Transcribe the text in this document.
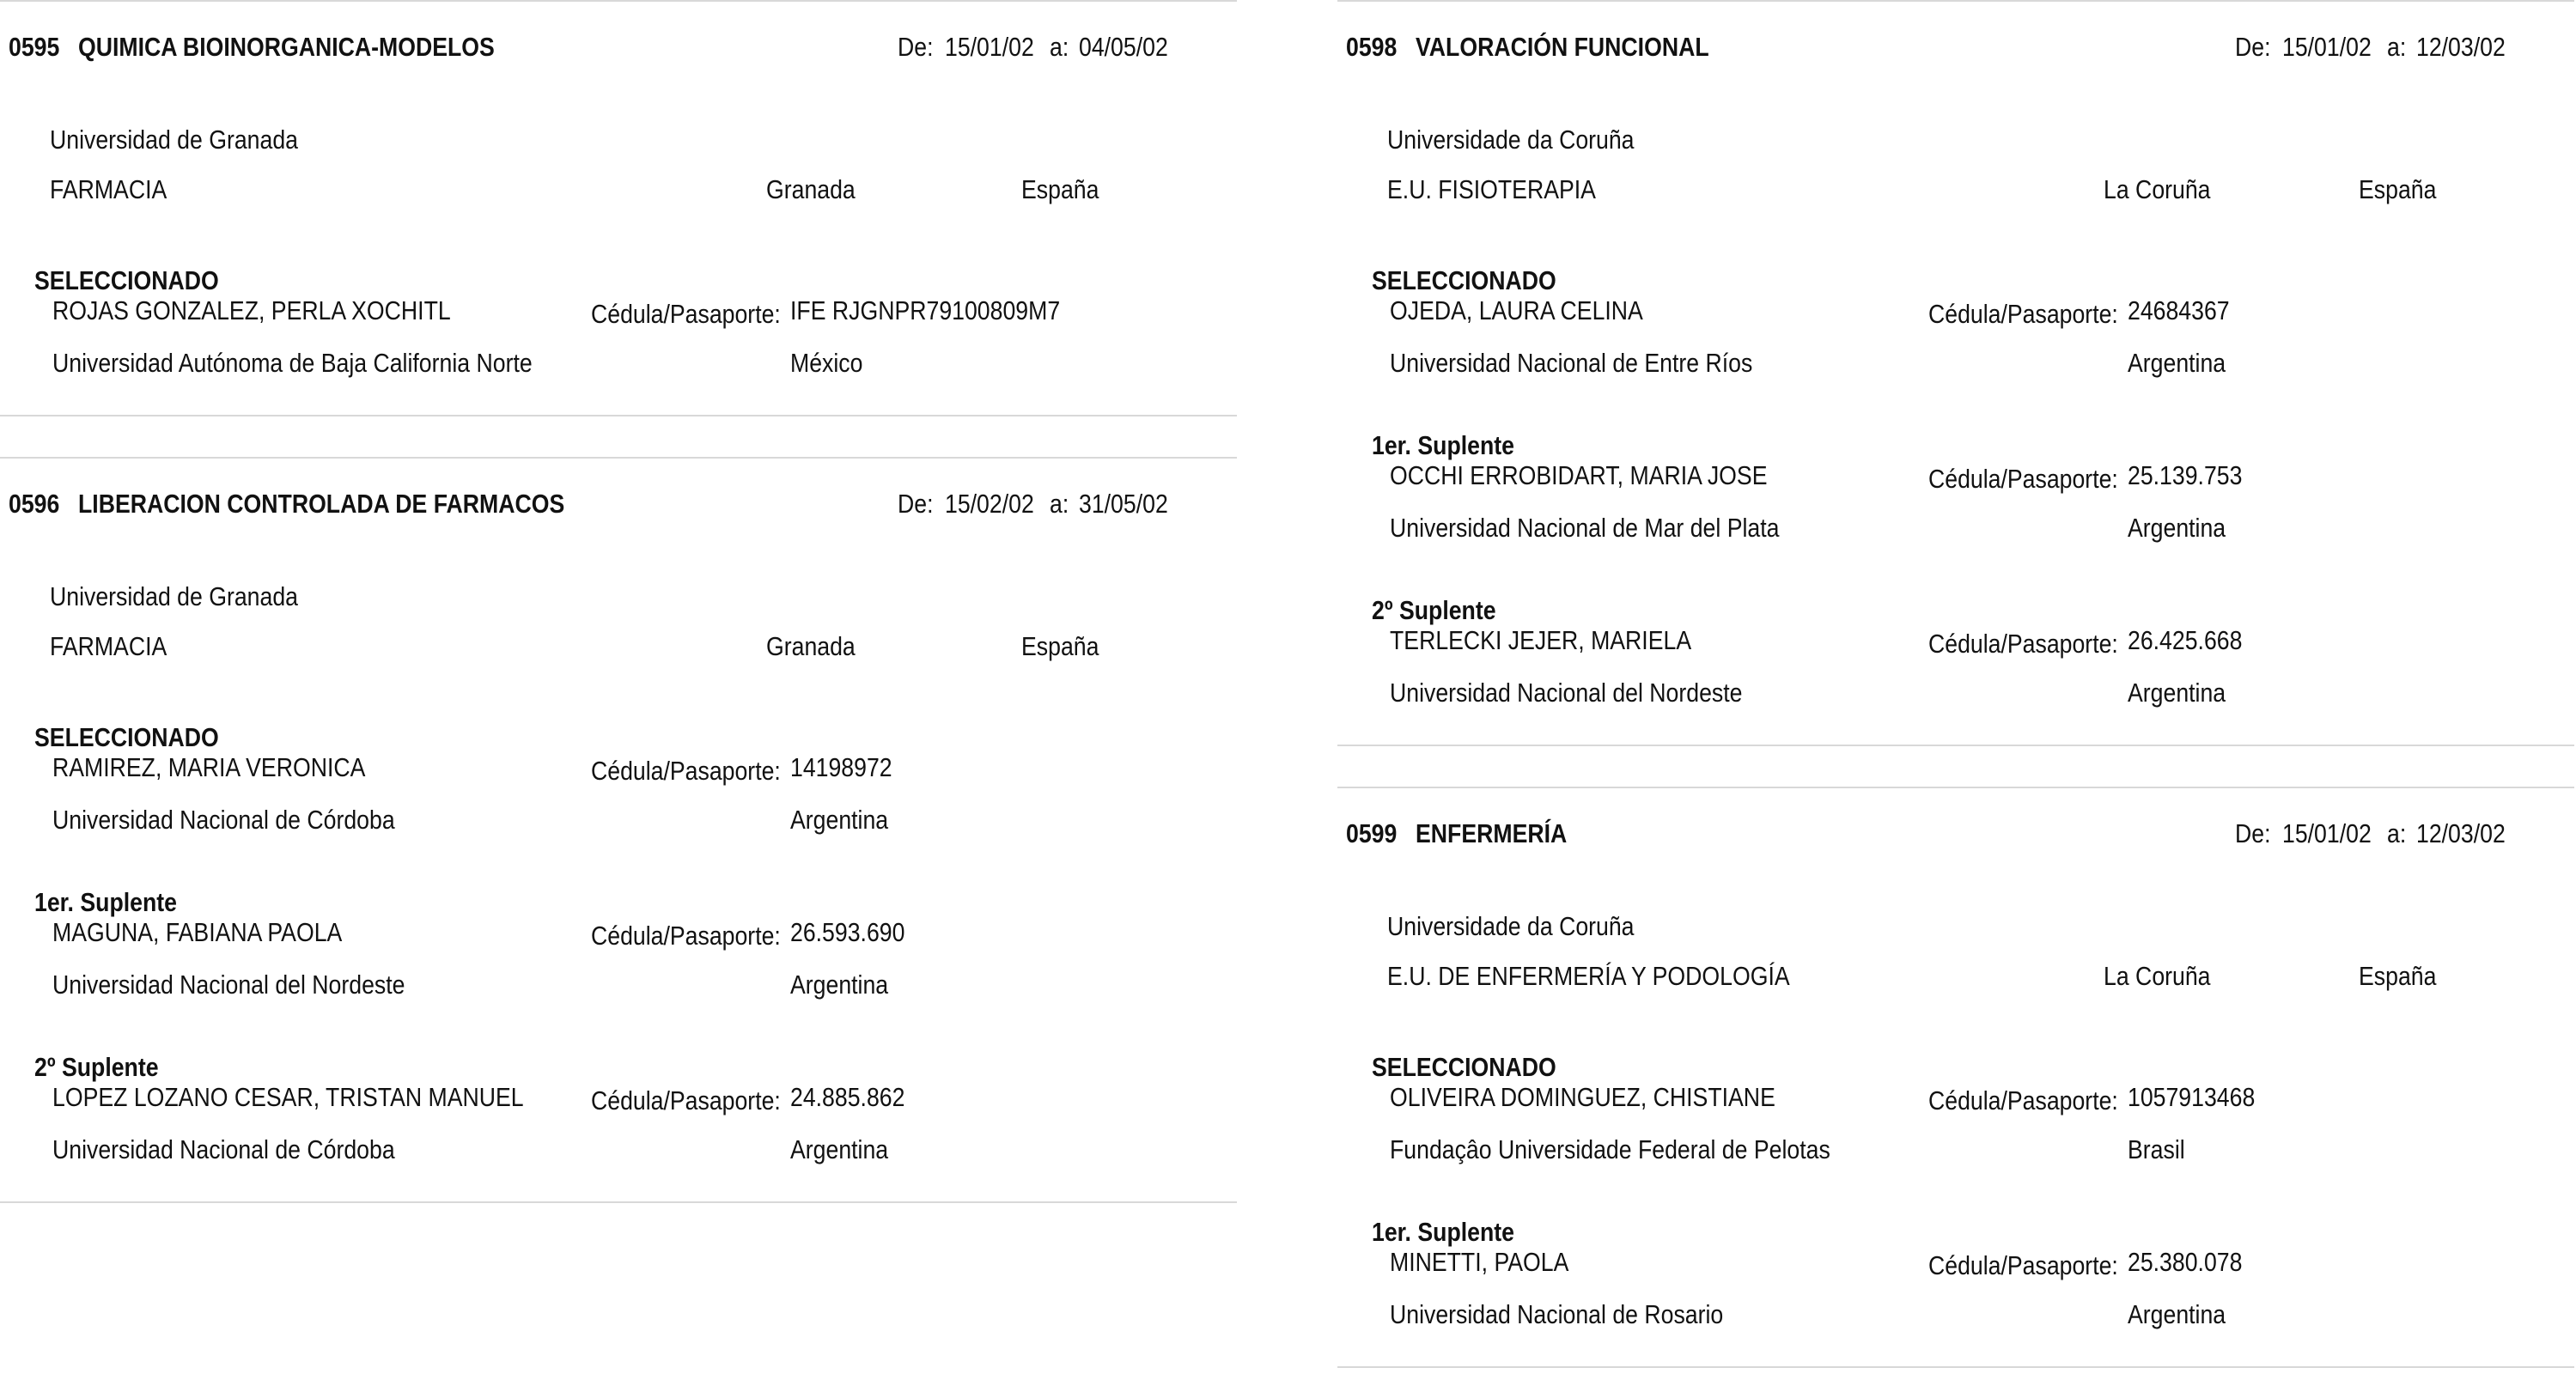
0595 QUIMICA BIOINORGANICA-MODELOS	De: 15/01/02 a: 04/05/02
Universidad de Granada
FARMACIA	Granada	España
SELECCIONADO
ROJAS GONZALEZ, PERLA XOCHITL	Cédula/Pasaporte: IFE RJGNPR79100809M7
Universidad Autónoma de Baja California Norte	México
0596 LIBERACION CONTROLADA DE FARMACOS	De: 15/02/02 a: 31/05/02
Universidad de Granada
FARMACIA	Granada	España
SELECCIONADO
RAMIREZ, MARIA VERONICA	Cédula/Pasaporte: 14198972
Universidad Nacional de Córdoba	Argentina
1er. Suplente
MAGUNA, FABIANA PAOLA	Cédula/Pasaporte: 26.593.690
Universidad Nacional del Nordeste	Argentina
2º Suplente
LOPEZ LOZANO CESAR, TRISTAN MANUEL	Cédula/Pasaporte: 24.885.862
Universidad Nacional de Córdoba	Argentina
0598 VALORACIÓN FUNCIONAL	De: 15/01/02 a: 12/03/02
Universidade da Coruña
E.U. FISIOTERAPIA	La Coruña	España
SELECCIONADO
OJEDA, LAURA CELINA	Cédula/Pasaporte: 24684367
Universidad Nacional de Entre Ríos	Argentina
1er. Suplente
OCCHI ERROBIDART, MARIA JOSE	Cédula/Pasaporte: 25.139.753
Universidad Nacional de Mar del Plata	Argentina
2º Suplente
TERLECKI JEJER, MARIELA	Cédula/Pasaporte: 26.425.668
Universidad Nacional del Nordeste	Argentina
0599 ENFERMERÍA	De: 15/01/02 a: 12/03/02
Universidade da Coruña
E.U. DE ENFERMERÍA Y PODOLOGÍA	La Coruña	España
SELECCIONADO
OLIVEIRA DOMINGUEZ, CHISTIANE	Cédula/Pasaporte: 1057913468
Fundaçâo Universidade Federal de Pelotas	Brasil
1er. Suplente
MINETTI, PAOLA	Cédula/Pasaporte: 25.380.078
Universidad Nacional de Rosario	Argentina
